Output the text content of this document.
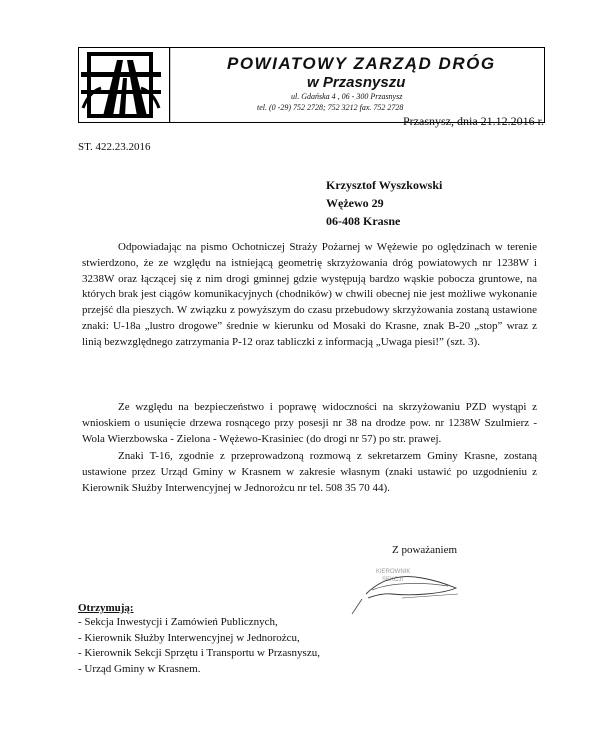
POWIATOWY ZARZĄD DRÓG
w Przasnyszu
ul. Gdańska 4 , 06 - 300 Przasnysz
tel. (0 -29) 752 2728; 752 3212 fax. 752 2728
Przasnysz, dnia 21.12.2016 r.
ST. 422.23.2016
Krzysztof Wyszkowski
Wężewo 29
06-408 Krasne
Odpowiadając na pismo Ochotniczej Straży Pożarnej w Wężewie po oględzinach w terenie stwierdzono, że ze względu na istniejącą geometrię skrzyżowania dróg powiatowych nr 1238W i 3238W oraz łączącej się z nim drogi gminnej gdzie występują bardzo wąskie pobocza gruntowe, na których brak jest ciągów komunikacyjnych (chodników) w chwili obecnej nie jest możliwe wykonanie przejść dla pieszych. W związku z powyższym do czasu przebudowy skrzyżowania zostaną ustawione znaki: U-18a „lustro drogowe” średnie w kierunku od Mosaki do Krasne, znak B-20 „stop” wraz z linią bezwzględnego zatrzymania P-12 oraz tabliczki z informacją „Uwaga piesi!” (szt. 3).
Ze względu na bezpieczeństwo i poprawę widoczności na skrzyżowaniu PZD wystąpi z wnioskiem o usunięcie drzewa rosnącego przy posesji nr 38 na drodze pow. nr 1238W Szulmierz - Wola Wierzbowska - Zielona - Wężewo-Krasiniec (do drogi nr 57) po str. prawej.
Znaki T-16, zgodnie z przeprowadzoną rozmową z sekretarzem Gminy Krasne, zostaną ustawione przez Urząd Gminy w Krasnem w zakresie własnym (znaki ustawić po uzgodnieniu z Kierownik Służby Interwencyjnej w Jednorożcu nr tel. 508 35 70 44).
Z poważaniem
KIEROWNIK
SEKCJI
Otrzymują:
- Sekcja Inwestycji i Zamówień Publicznych,
- Kierownik Służby Interwencyjnej w Jednorożcu,
- Kierownik Sekcji Sprzętu i Transportu w Przasnyszu,
- Urząd Gminy w Krasnem.
